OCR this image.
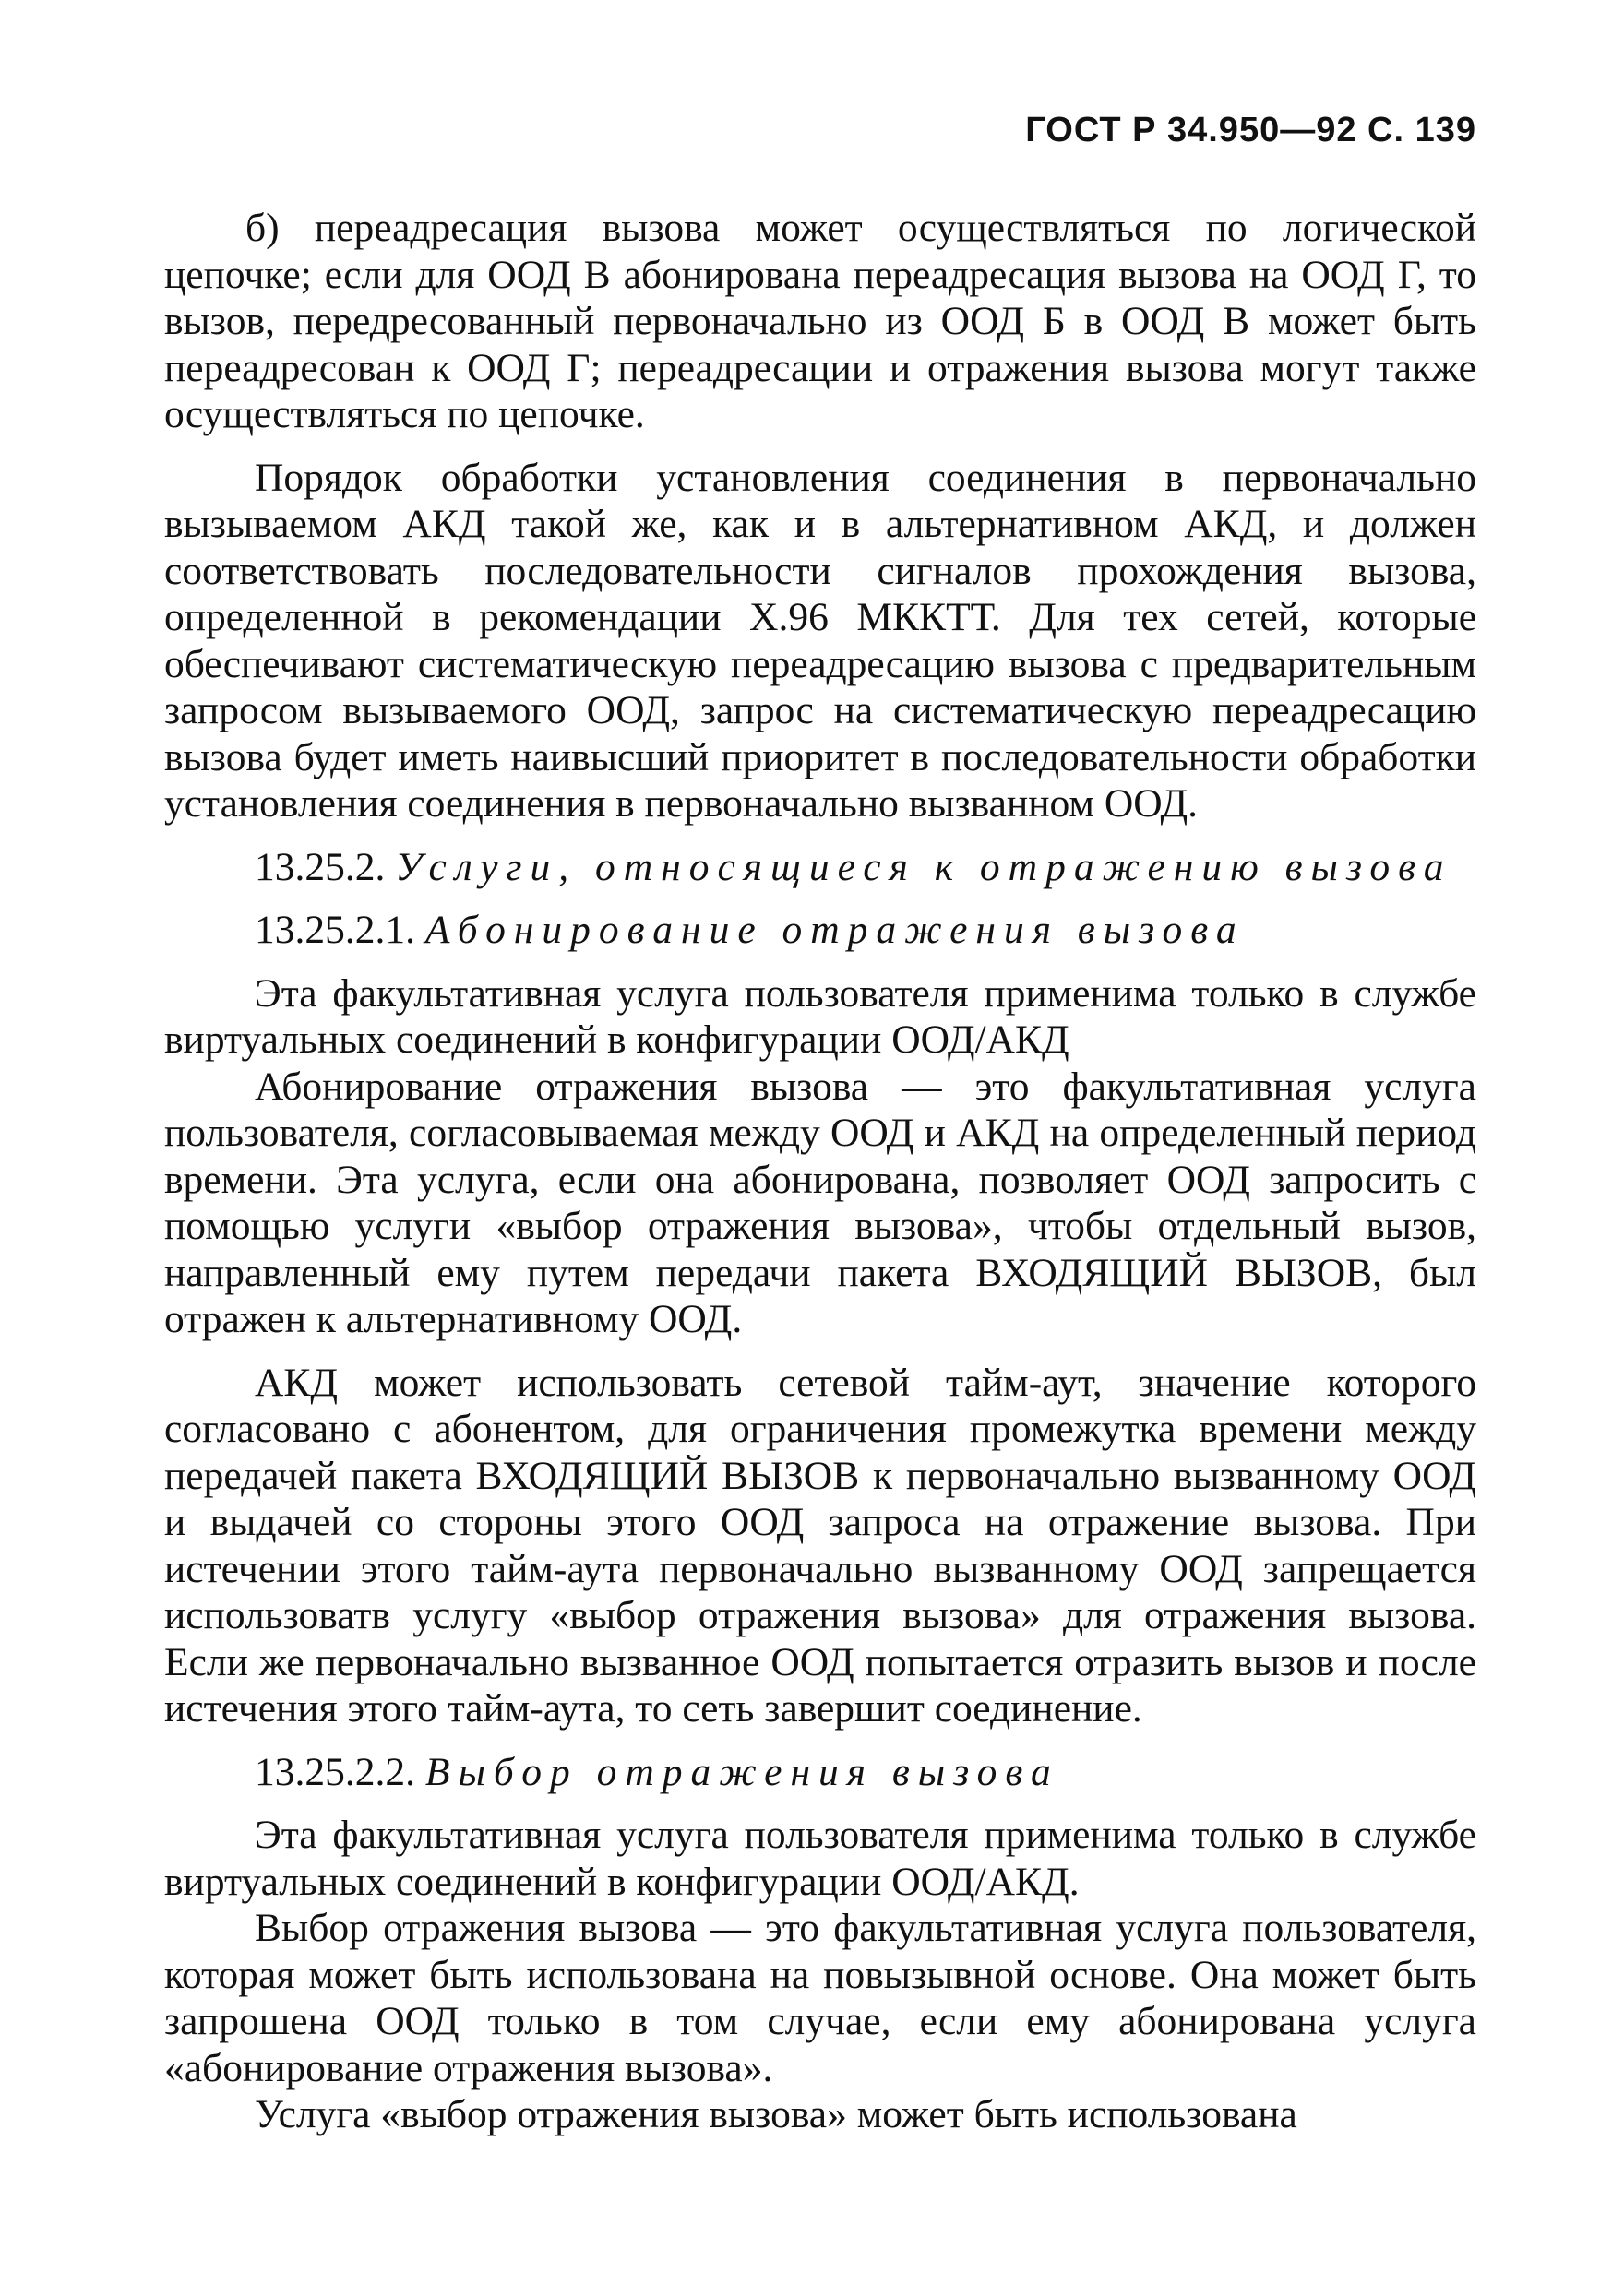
ГОСТ Р 34.950—92 С. 139

б) переадресация вызова может осуществляться по логической цепочке; если для ООД В абонирована переадресация вызова на ООД Г, то вызов, передресованный первоначально из ООД Б в ООД В может быть переадресован к ООД Г; переадресации и отражения вызова могут также осуществляться по цепочке.

Порядок обработки установления соединения в первоначально вызываемом АКД такой же, как и в альтернативном АКД, и должен соответствовать последовательности сигналов прохождения вызова, определенной в рекомендации Х.96 МККТТ. Для тех сетей, которые обеспечивают систематическую переадресацию вызова с предварительным запросом вызываемого ООД, запрос на систематическую переадресацию вызова будет иметь наивысший приоритет в последовательности обработки установления соединения в первоначально вызванном ООД.

13.25.2. Услуги, относящиеся к отражению вызова

13.25.2.1. Абонирование отражения вызова

Эта факультативная услуга пользователя применима только в службе виртуальных соединений в конфигурации ООД/АКД

Абонирование отражения вызова — это факультативная услуга пользователя, согласовываемая между ООД и АКД на определенный период времени. Эта услуга, если она абонирована, позволяет ООД запросить с помощью услуги «выбор отражения вызова», чтобы отдельный вызов, направленный ему путем передачи пакета ВХОДЯЩИЙ ВЫЗОВ, был отражен к альтернативному ООД.

АКД может использовать сетевой тайм-аут, значение которого согласовано с абонентом, для ограничения промежутка времени между передачей пакета ВХОДЯЩИЙ ВЫЗОВ к первоначально вызванному ООД и выдачей со стороны этого ООД запроса на отражение вызова. При истечении этого тайм-аута первоначально вызванному ООД запрещается использоватв услугу «выбор отражения вызова» для отражения вызова. Если же первоначально вызванное ООД попытается отразить вызов и после истечения этого тайм-аута, то сеть завершит соединение.

13.25.2.2. Выбор отражения вызова

Эта факультативная услуга пользователя применима только в службе виртуальных соединений в конфигурации ООД/АКД.

Выбор отражения вызова — это факультативная услуга пользователя, которая может быть использована на повызывной основе. Она может быть запрошена ООД только в том случае, если ему абонирована услуга «абонирование отражения вызова».

Услуга «выбор отражения вызова» может быть использована
